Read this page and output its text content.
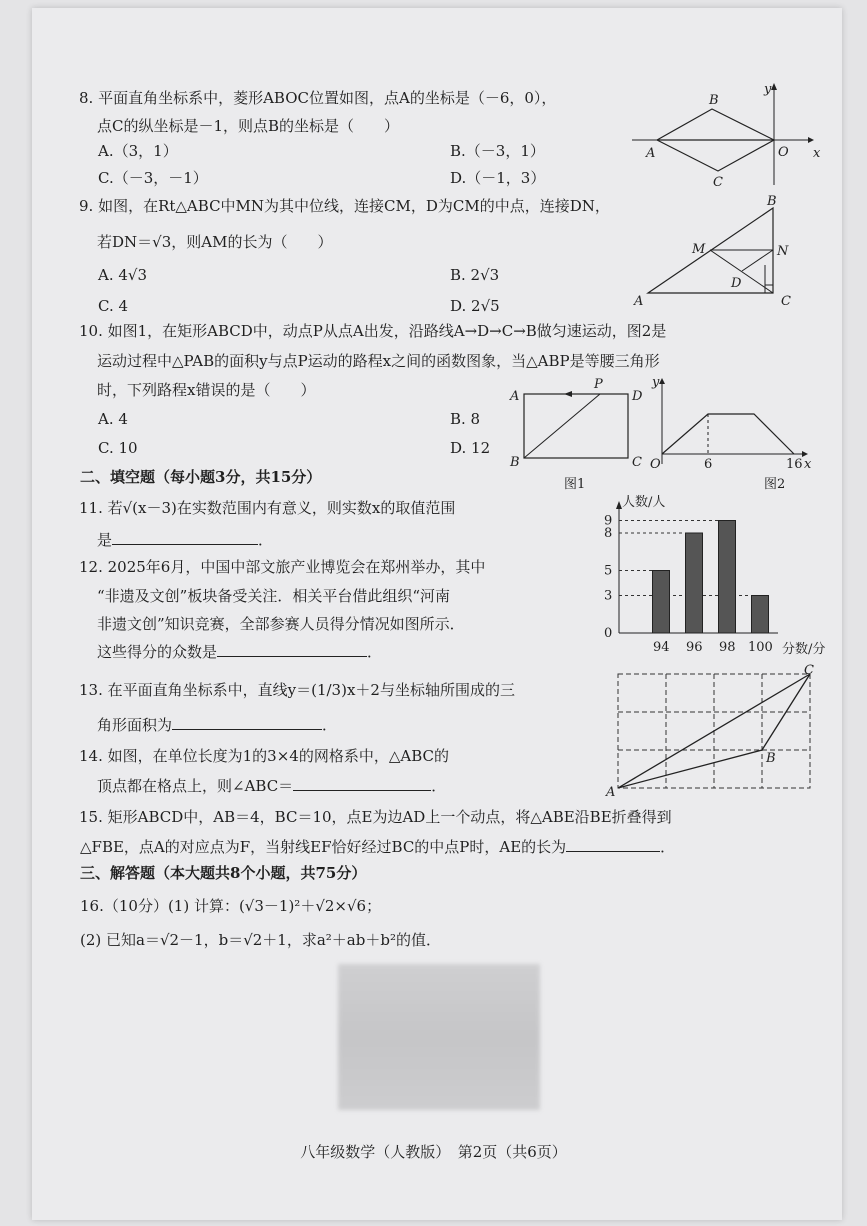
8. 平面直角坐标系中，菱形ABOC位置如图，点A的坐标是（－6，0），
点C的纵坐标是－1，则点B的坐标是（　　）
A.（3，1）	B.（－3，1）
C.（－3，－1）	D.（－1，3）
y
B
A	O x
C
9. 如图，在Rt△ABC中MN为其中位线，连接CM，D为CM的中点，连接DN，
若DN＝√3，则AM的长为（　　）
A. 4√3	B. 2√3
C. 4	D. 2√5
B
M	N
D
A	C
10. 如图1，在矩形ABCD中，动点P从点A出发，沿路线A→D→C→B做匀速运动，图2是
运动过程中△PAB的面积y与点P运动的路程x之间的函数图象，当△ABP是等腰三角形
时，下列路程x错误的是（　　）
A. 4	B. 8
C. 10	D. 12
A
P
D
B	C
图1
y
O	6	16 x
图2
二、填空题（每小题3分，共15分）
11. 若√(x－3)在实数范围内有意义，则实数x的取值范围
是	．
12. 2025年6月，中国中部文旅产业博览会在郑州举办，其中
“非遗及文创”板块备受关注．相关平台借此组织“河南
非遗文创”知识竞赛，全部参赛人员得分情况如图所示．
这些得分的众数是	．
人数/人
分数/分
0
3
5
8
9
94 96 98 100
13. 在平面直角坐标系中，直线y＝(1/3)x＋2与坐标轴所围成的三
角形面积为	．
C
B
A
14. 如图，在单位长度为1的3×4的网格系中，△ABC的
顶点都在格点上，则∠ABC＝	．
15. 矩形ABCD中，AB＝4，BC＝10，点E为边AD上一个动点，将△ABE沿BE折叠得到
△FBE，点A的对应点为F，当射线EF恰好经过BC的中点P时，AE的长为	．
三、解答题（本大题共8个小题，共75分）
16.（10分）(1) 计算：(√3－1)²＋√2×√6；
(2) 已知a＝√2－1，b＝√2＋1，求a²＋ab＋b²的值．
八年级数学（人教版）　第2页（共6页）
